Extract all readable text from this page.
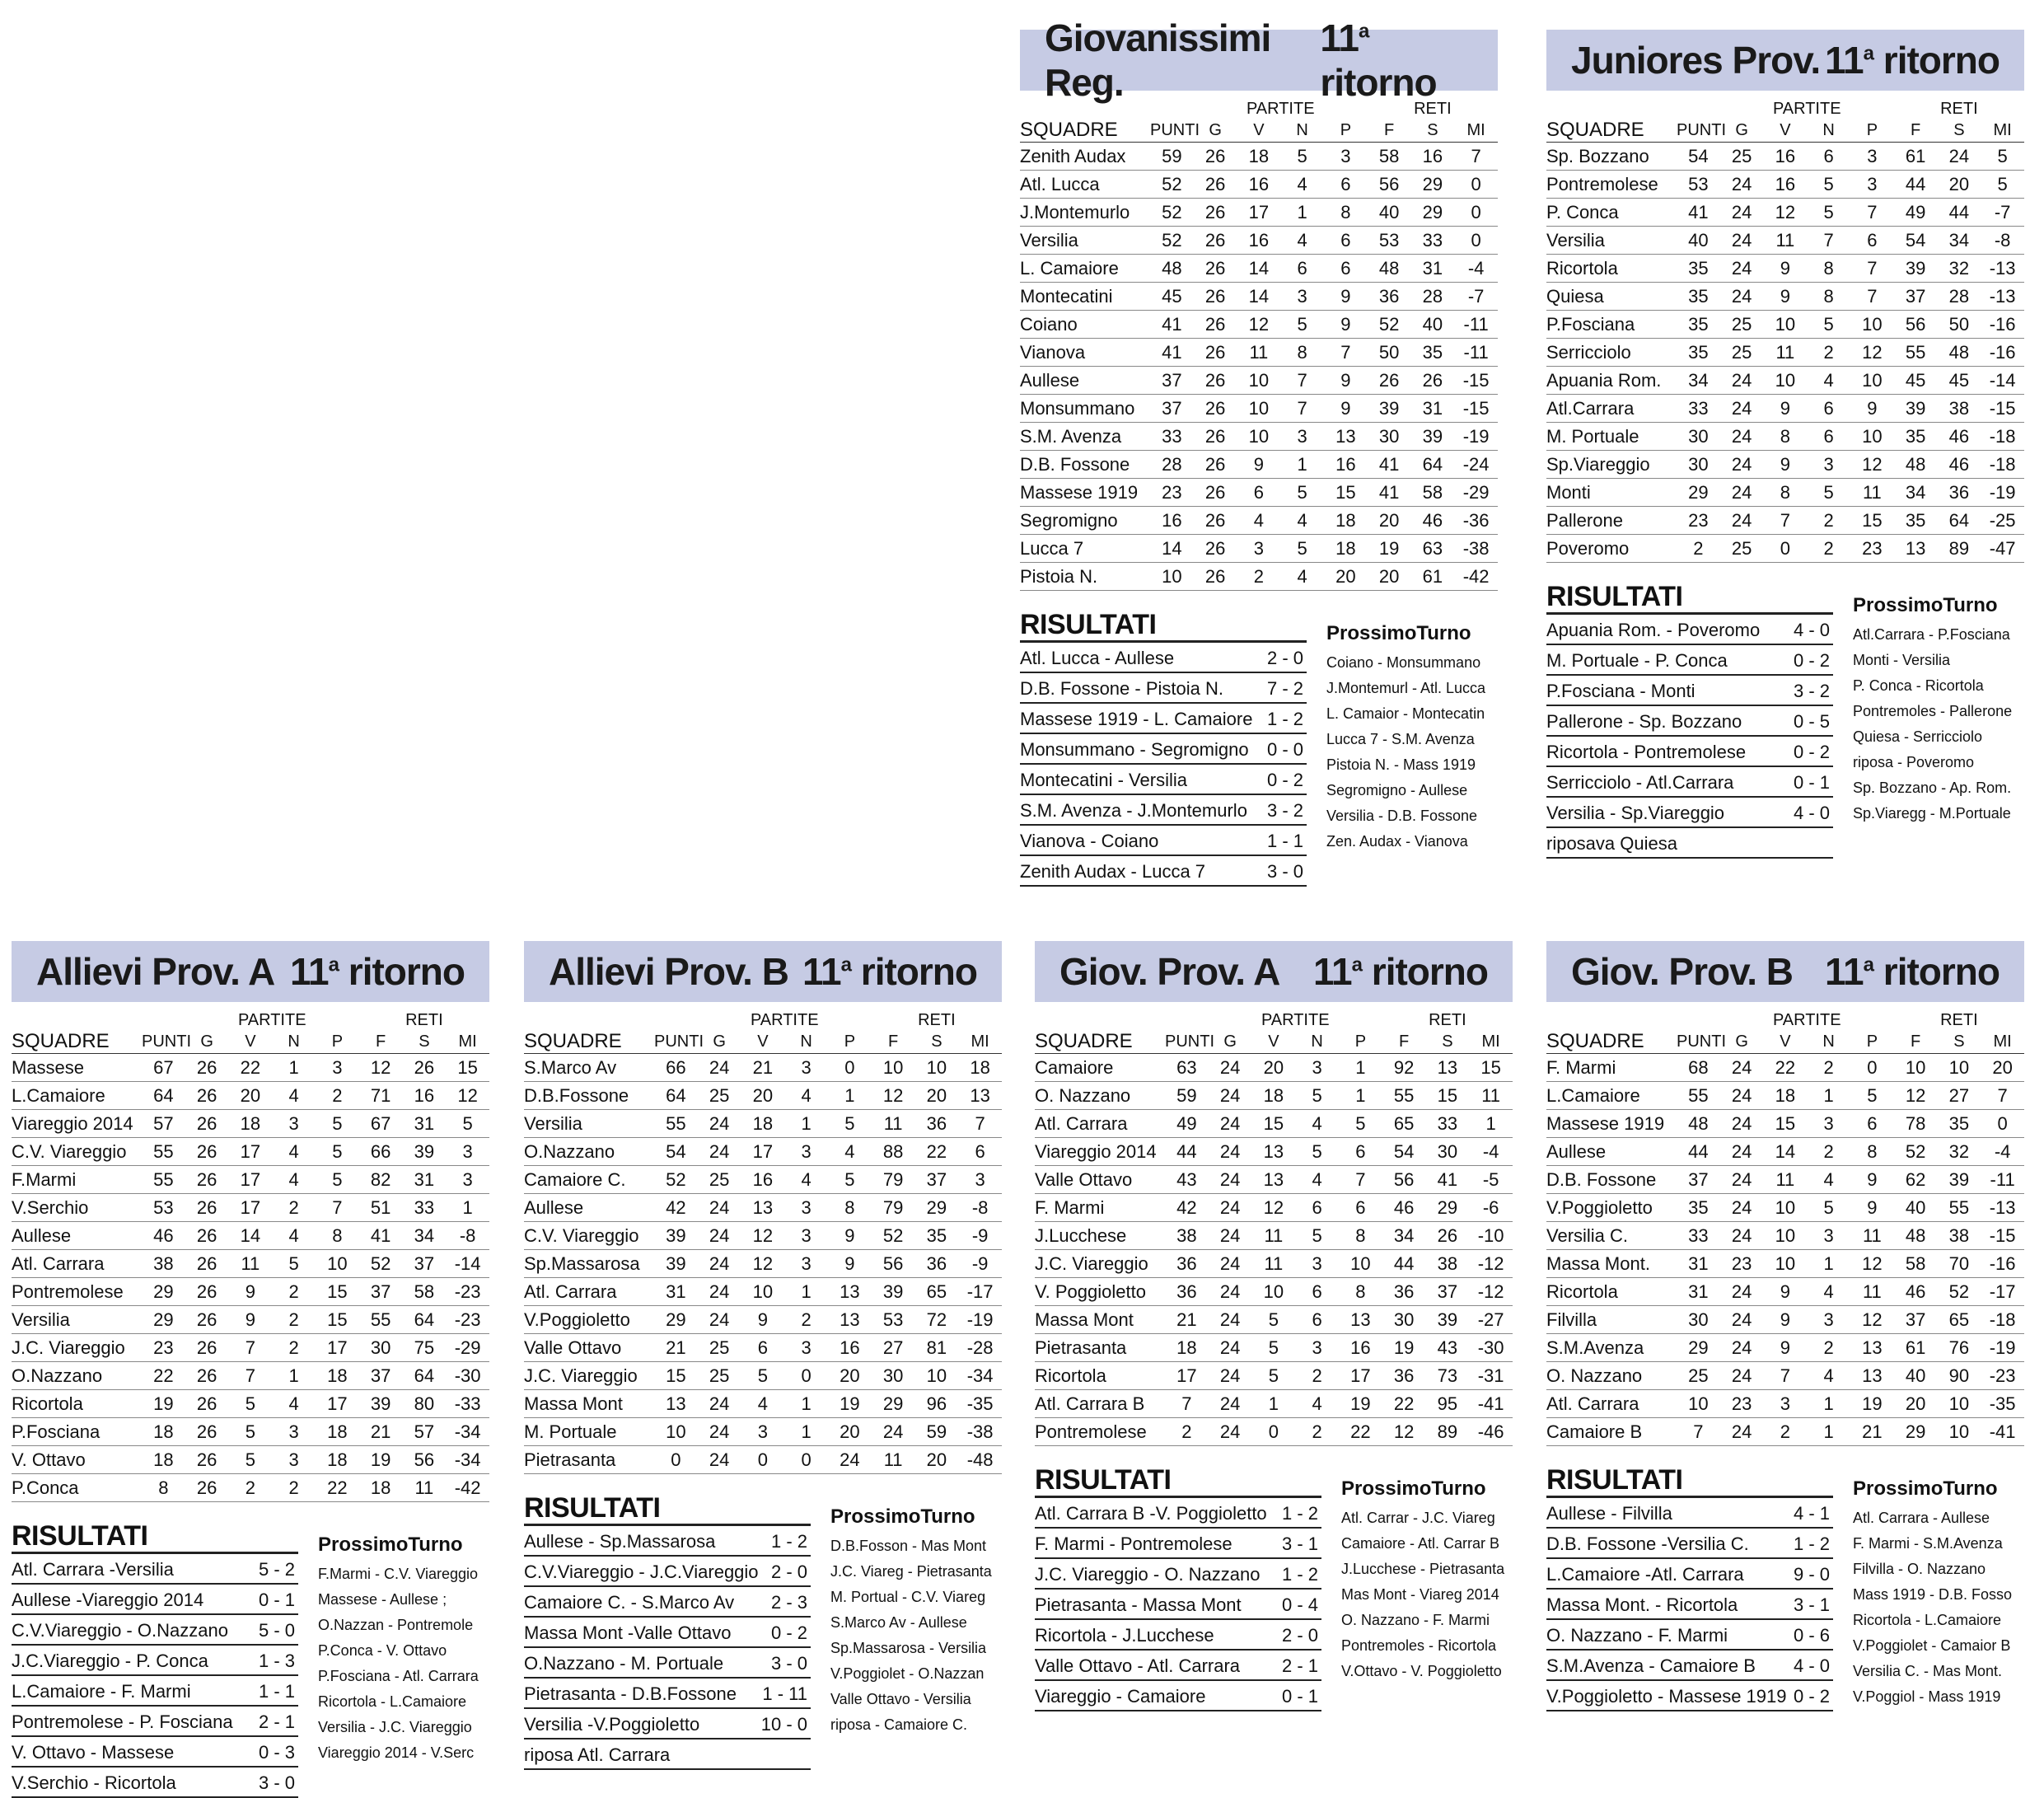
Giovanissimi Reg.
11$^a$ ritorno
SQUADRE		PARTITE				RETI		
	PUNTI	G	V	N	P	F	S	MI
Zenith Audax	59	26	18	5	3	58	16	7
Atl. Lucca	52	26	16	4	6	56	29	0
J.Montemurlo	52	26	17	1	8	40	29	0
Versilia	52	26	16	4	6	53	33	0
L. Camaiore	48	26	14	6	6	48	31	-4
Montecatini	45	26	14	3	9	36	28	-7
Coiano	41	26	12	5	9	52	40	-11
Vianova	41	26	11	8	7	50	35	-11
Aullese	37	26	10	7	9	26	26	-15
Monsummano	37	26	10	7	9	39	31	-15
S.M. Avenza	33	26	10	3	13	30	39	-19
D.B. Fossone	28	26	9	1	16	41	64	-24
Massese 1919	23	26	6	5	15	41	58	-29
Segromigno	16	26	4	4	18	20	46	-36
Lucca 7	14	26	3	5	18	19	63	-38
Pistoia N.	10	26	2	4	20	20	61	-42
RISULTATI
Atl. Lucca - Aullese	2 - 0
D.B. Fossone - Pistoia N. 7 - 2
Massese 1919 - L. Camaiore 1 - 2
Monsummano - Segromigno 0 - 0
Montecatini - Versilia	0 - 2
S.M. Avenza - J.Montemurlo 3 - 2
Vianova - Coiano	1 - 1
Zenith Audax - Lucca 7	3 - 0
ProssimoTurno
Coiano - Monsummano
J.Montemurl - Atl. Lucca
L. Camaior - Montecatin
Lucca 7 - S.M. Avenza
Pistoia N. - Mass 1919
Segromigno - Aullese
Versilia - D.B. Fossone
Zen. Audax - Vianova
Juniores Prov. 11$^a$ ritorno
SQUADRE		PARTITE				RETI		
	PUNTI	G	V	N	P	F	S	MI
Sp. Bozzano	54	25	16	6	3	61	24	5
Pontremolese	53	24	16	5	3	44	20	5
P. Conca	41	24	12	5	7	49	44	-7
Versilia	40	24	11	7	6	54	34	-8
Ricortola	35	24	9	8	7	39	32	-13
Quiesa	35	24	9	8	7	37	28	-13
P.Fosciana	35	25	10	5	10	56	50	-16
Serricciolo	35	25	11	2	12	55	48	-16
Apuania Rom.	34	24	10	4	10	45	45	-14
Atl.Carrara	33	24	9	6	9	39	38	-15
M. Portuale	30	24	8	6	10	35	46	-18
Sp.Viareggio	30	24	9	3	12	48	46	-18
Monti	29	24	8	5	11	34	36	-19
Pallerone	23	24	7	2	15	35	64	-25
Poveromo	2	25	0	2	23	13	89	-47
RISULTATI
Apuania Rom. - Poveromo 4 - 0
M. Portuale - P. Conca	0 - 2
P.Fosciana - Monti	3 - 2
Pallerone - Sp. Bozzano	0 - 5
Ricortola - Pontremolese	0 - 2
Serricciolo - Atl.Carrara	0 - 1
Versilia - Sp.Viareggio	4 - 0
riposava Quiesa
ProssimoTurno
Atl.Carrara - P.Fosciana
Monti - Versilia
P. Conca - Ricortola
Pontremoles - Pallerone
Quiesa - Serricciolo
riposa - Poveromo
Sp. Bozzano - Ap. Rom.
Sp.Viaregg - M.Portuale
Allievi Prov. A 11$^a$ ritorno
SQUADRE		PARTITE				RETI		
	PUNTI	G	V	N	P	F	S	MI
Massese	67	26	22	1	3	12	26	15
L.Camaiore	64	26	20	4	2	71	16	12
Viareggio 2014	57	26	18	3	5	67	31	5
C.V. Viareggio	55	26	17	4	5	66	39	3
F.Marmi	55	26	17	4	5	82	31	3
V.Serchio	53	26	17	2	7	51	33	1
Aullese	46	26	14	4	8	41	34	-8
Atl. Carrara	38	26	11	5	10	52	37	-14
Pontremolese	29	26	9	2	15	37	58	-23
Versilia	29	26	9	2	15	55	64	-23
J.C. Viareggio	23	26	7	2	17	30	75	-29
O.Nazzano	22	26	7	1	18	37	64	-30
Ricortola	19	26	5	4	17	39	80	-33
P.Fosciana	18	26	5	3	18	21	57	-34
V. Ottavo	18	26	5	3	18	19	56	-34
P.Conca	8	26	2	2	22	18	11	-42
RISULTATI
Atl. Carrara -Versilia	5 - 2
Aullese -Viareggio 2014	0 - 1
C.V.Viareggio - O.Nazzano 5 - 0
J.C.Viareggio - P. Conca	1 - 3
L.Camaiore - F. Marmi	1 - 1
Pontremolese - P. Fosciana 2 - 1
V. Ottavo - Massese	0 - 3
V.Serchio - Ricortola	3 - 0
ProssimoTurno
F.Marmi - C.V. Viareggio
Massese - Aullese ;
O.Nazzan - Pontremole
P.Conca - V. Ottavo
P.Fosciana - Atl. Carrara
Ricortola - L.Camaiore
Versilia - J.C. Viareggio
Viareggio 2014 - V.Serc
Allievi Prov. B 11$^a$ ritorno
SQUADRE		PARTITE				RETI		
	PUNTI	G	V	N	P	F	S	MI
S.Marco Av	66	24	21	3	0	10	10	18
D.B.Fossone	64	25	20	4	1	12	20	13
Versilia	55	24	18	1	5	11	36	7
O.Nazzano	54	24	17	3	4	88	22	6
Camaiore C.	52	25	16	4	5	79	37	3
Aullese	42	24	13	3	8	79	29	-8
C.V. Viareggio	39	24	12	3	9	52	35	-9
Sp.Massarosa	39	24	12	3	9	56	36	-9
Atl. Carrara	31	24	10	1	13	39	65	-17
V.Poggioletto	29	24	9	2	13	53	72	-19
Valle Ottavo	21	25	6	3	16	27	81	-28
J.C. Viareggio	15	25	5	0	20	30	10	-34
Massa Mont	13	24	4	1	19	29	96	-35
M. Portuale	10	24	3	1	20	24	59	-38
Pietrasanta	0	24	0	0	24	11	20	-48
RISULTATI
Aullese - Sp.Massarosa	1 - 2
C.V.Viareggio - J.C.Viareggio 2 - 0
Camaiore C. - S.Marco Av 2 - 3
Massa Mont -Valle Ottavo 0 - 2
O.Nazzano - M. Portuale	3 - 0
Pietrasanta - D.B.Fossone 1 - 11
Versilia -V.Poggioletto	10 - 0
riposa Atl. Carrara
ProssimoTurno
D.B.Fosson - Mas Mont
J.C. Viareg - Pietrasanta
M. Portual - C.V. Viareg
S.Marco Av - Aullese
Sp.Massarosa - Versilia
V.Poggiolet - O.Nazzan
Valle Ottavo - Versilia
riposa - Camaiore C.
Giov. Prov. A 11$^a$ ritorno
SQUADRE		PARTITE				RETI		
	PUNTI	G	V	N	P	F	S	MI
Camaiore	63	24	20	3	1	92	13	15
O. Nazzano	59	24	18	5	1	55	15	11
Atl. Carrara	49	24	15	4	5	65	33	1
Viareggio 2014	44	24	13	5	6	54	30	-4
Valle Ottavo	43	24	13	4	7	56	41	-5
F. Marmi	42	24	12	6	6	46	29	-6
J.Lucchese	38	24	11	5	8	34	26	-10
J.C. Viareggio	36	24	11	3	10	44	38	-12
V. Poggioletto	36	24	10	6	8	36	37	-12
Massa Mont	21	24	5	6	13	30	39	-27
Pietrasanta	18	24	5	3	16	19	43	-30
Ricortola	17	24	5	2	17	36	73	-31
Atl. Carrara B	7	24	1	4	19	22	95	-41
Pontremolese	2	24	0	2	22	12	89	-46
RISULTATI
Atl. Carrara B -V. Poggioletto 1 - 2
F. Marmi - Pontremolese	3 - 1
J.C. Viareggio - O. Nazzano 1 - 2
Pietrasanta - Massa Mont 0 - 4
Ricortola - J.Lucchese	2 - 0
Valle Ottavo - Atl. Carrara 2 - 1
Viareggio - Camaiore	0 - 1
ProssimoTurno
Atl. Carrar - J.C. Viareg
Camaiore - Atl. Carrar B
J.Lucchese - Pietrasanta
Mas Mont - Viareg 2014
O. Nazzano - F. Marmi
Pontremoles - Ricortola
V.Ottavo - V. Poggioletto
Giov. Prov. B 11$^a$ ritorno
SQUADRE		PARTITE				RETI		
	PUNTI	G	V	N	P	F	S	MI
F. Marmi	68	24	22	2	0	10	10	20
L.Camaiore	55	24	18	1	5	12	27	7
Massese 1919	48	24	15	3	6	78	35	0
Aullese	44	24	14	2	8	52	32	-4
D.B. Fossone	37	24	11	4	9	62	39	-11
V.Poggioletto	35	24	10	5	9	40	55	-13
Versilia C.	33	24	10	3	11	48	38	-15
Massa Mont.	31	23	10	1	12	58	70	-16
Ricortola	31	24	9	4	11	46	52	-17
Filvilla	30	24	9	3	12	37	65	-18
S.M.Avenza	29	24	9	2	13	61	76	-19
O. Nazzano	25	24	7	4	13	40	90	-23
Atl. Carrara	10	23	3	1	19	20	10	-35
Camaiore B	7	24	2	1	21	29	10	-41
RISULTATI
Aullese - Filvilla	4 - 1
D.B. Fossone -Versilia C. 1 - 2
L.Camaiore -Atl. Carrara	9 - 0
Massa Mont. - Ricortola	3 - 1
O. Nazzano - F. Marmi	0 - 6
S.M.Avenza - Camaiore B 4 - 0
V.Poggioletto - Massese 1919 0 - 2
ProssimoTurno
Atl. Carrara - Aullese
F. Marmi - S.M.Avenza
Filvilla - O. Nazzano
Mass 1919 - D.B. Fosso
Ricortola - L.Camaiore
V.Poggiolet - Camaior B
Versilia C. - Mas Mont.
V.Poggiol - Mass 1919
